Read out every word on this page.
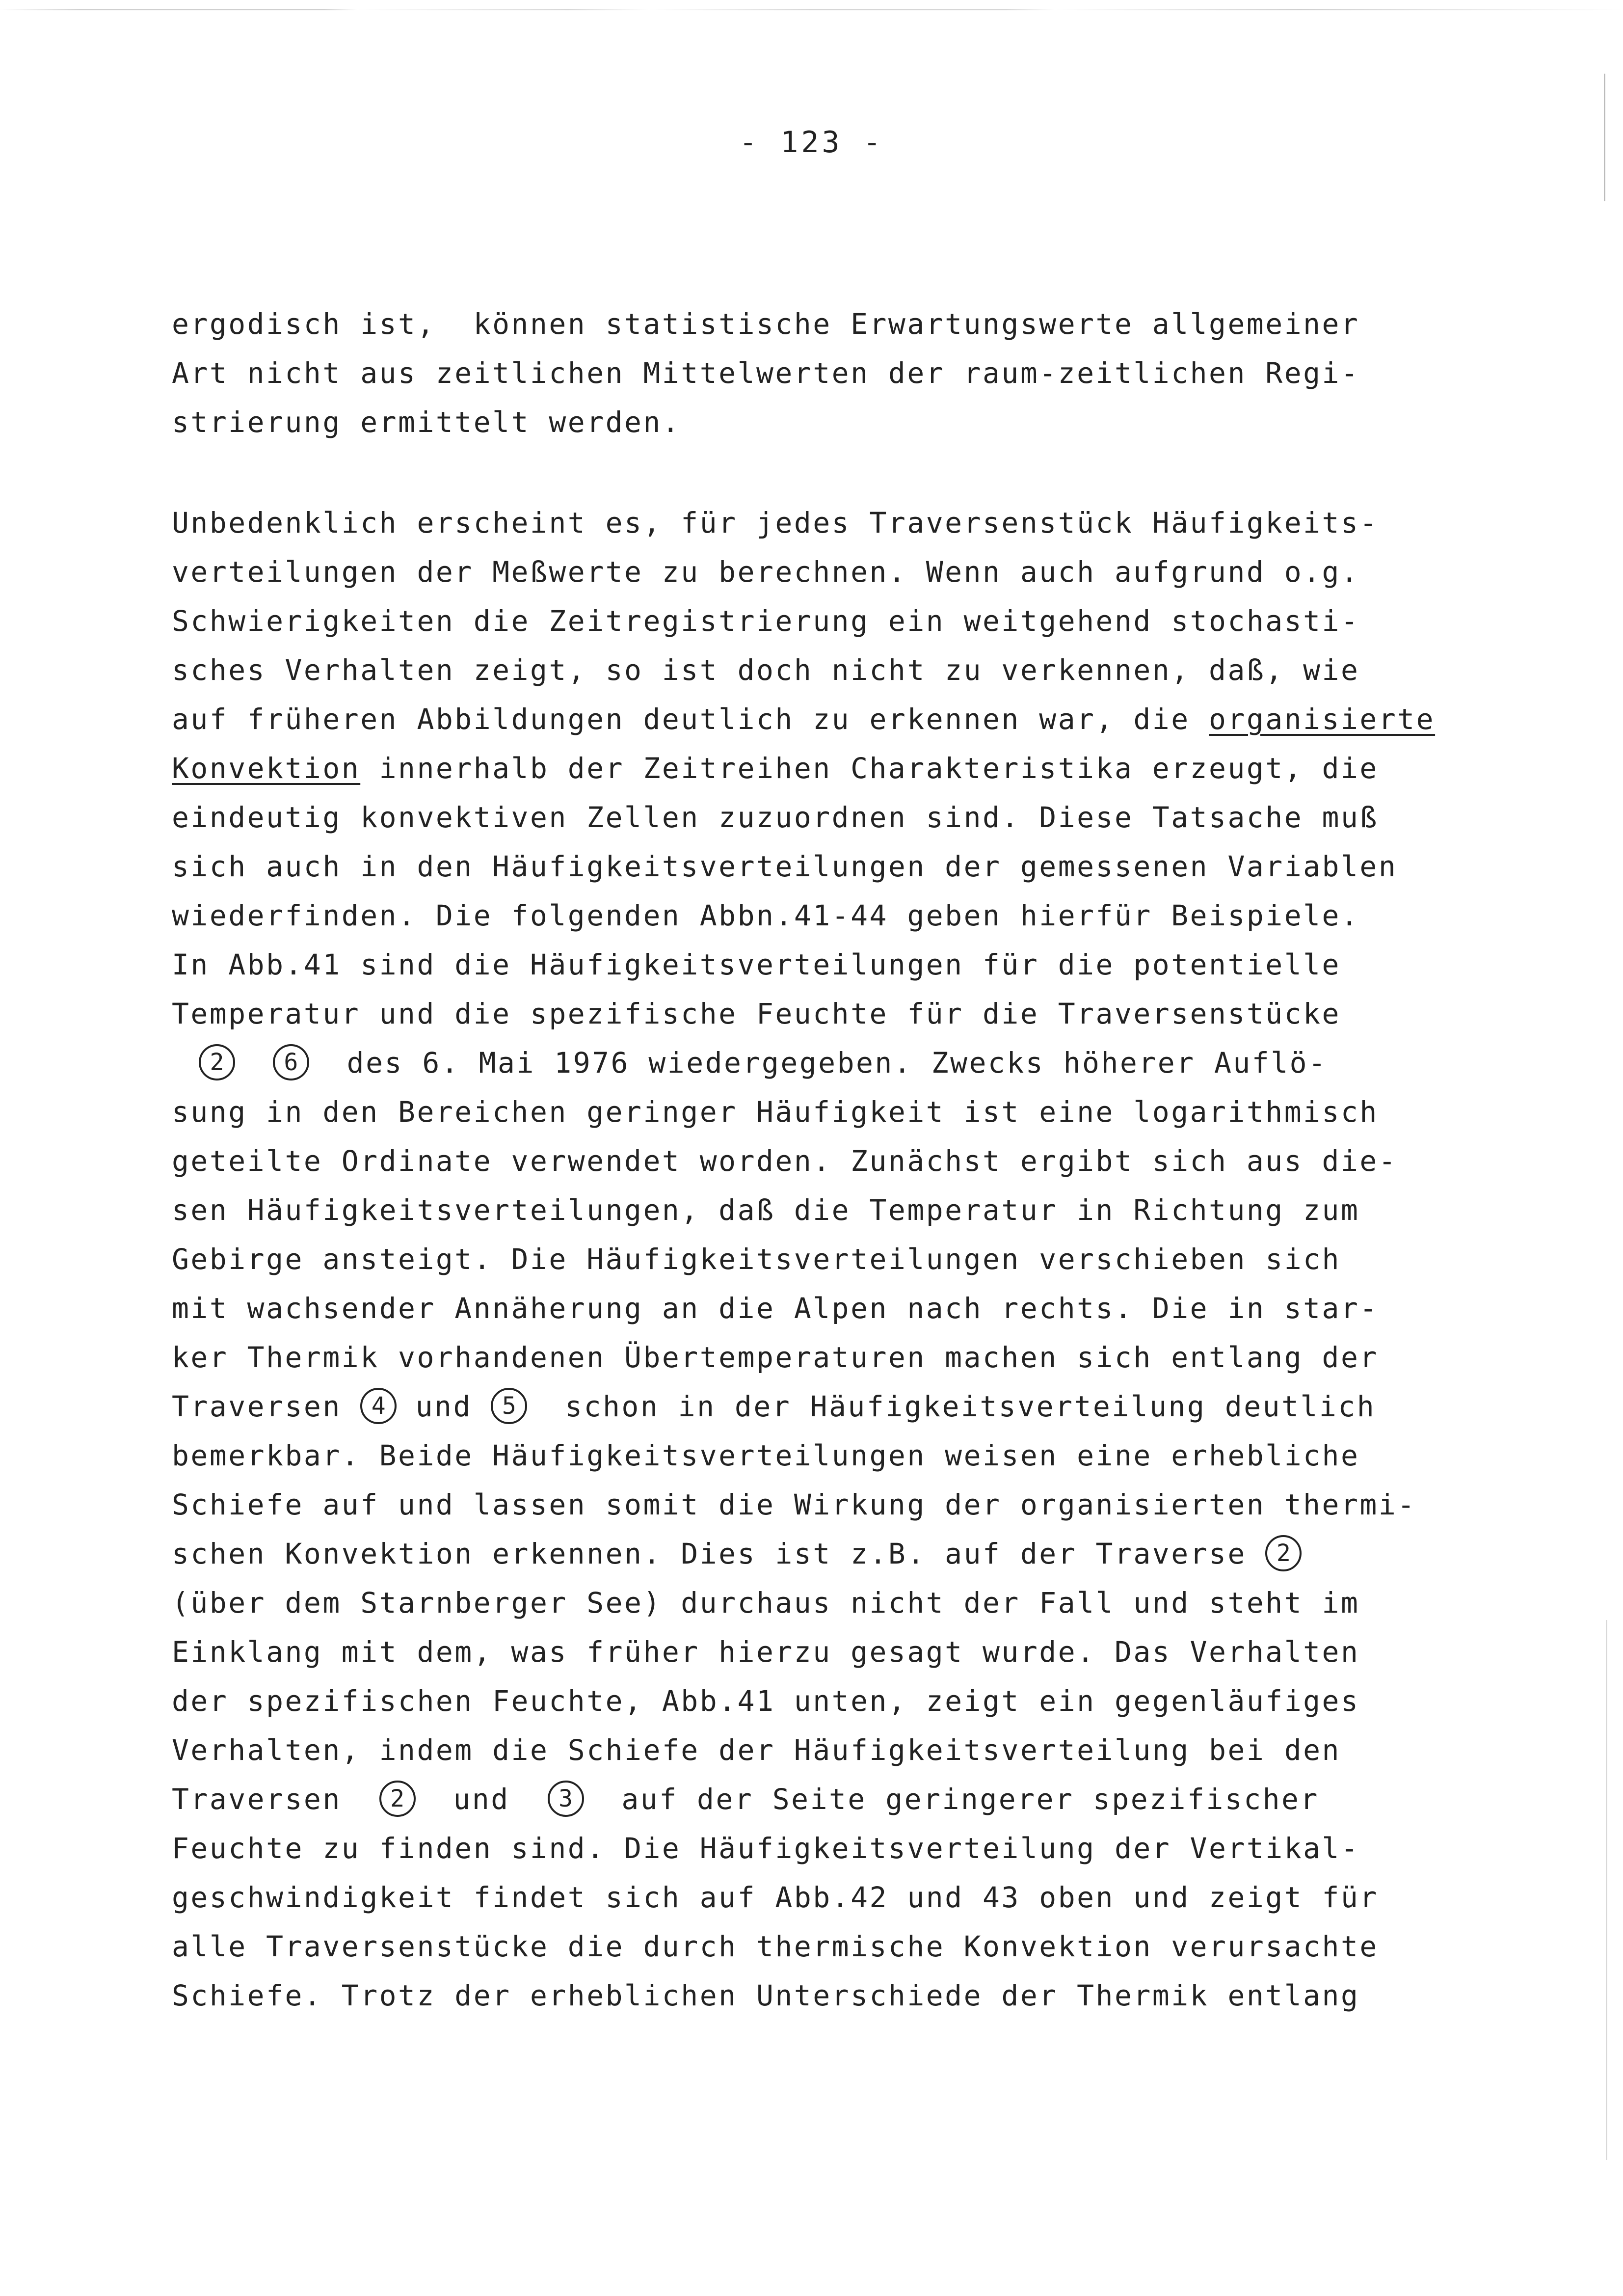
- 123 -
ergodisch ist,  können statistische Erwartungswerte allgemeiner
Art nicht aus zeitlichen Mittelwerten der raum-zeitlichen Regi-
strierung ermittelt werden.
Unbedenklich erscheint es, für jedes Traversenstück Häufigkeits-
verteilungen der Meßwerte zu berechnen. Wenn auch aufgrund o.g.
Schwierigkeiten die Zeitregistrierung ein weitgehend stochasti-
sches Verhalten zeigt, so ist doch nicht zu verkennen, daß, wie
auf früheren Abbildungen deutlich zu erkennen war, die organisierte
Konvektion innerhalb der Zeitreihen Charakteristika erzeugt, die
eindeutig konvektiven Zellen zuzuordnen sind. Diese Tatsache muß
sich auch in den Häufigkeitsverteilungen der gemessenen Variablen
wiederfinden. Die folgenden Abbn.41-44 geben hierfür Beispiele.
In Abb.41 sind die Häufigkeitsverteilungen für die potentielle
Temperatur und die spezifische Feuchte für die Traversenstücke
2	6  des 6. Mai 1976 wiedergegeben. Zwecks höherer Auflö-
sung in den Bereichen geringer Häufigkeit ist eine logarithmisch
geteilte Ordinate verwendet worden. Zunächst ergibt sich aus die-
sen Häufigkeitsverteilungen, daß die Temperatur in Richtung zum
Gebirge ansteigt. Die Häufigkeitsverteilungen verschieben sich
mit wachsender Annäherung an die Alpen nach rechts. Die in star-
ker Thermik vorhandenen Übertemperaturen machen sich entlang der
Traversen 4 und 5  schon in der Häufigkeitsverteilung deutlich
bemerkbar. Beide Häufigkeitsverteilungen weisen eine erhebliche
Schiefe auf und lassen somit die Wirkung der organisierten thermi-
schen Konvektion erkennen. Dies ist z.B. auf der Traverse 2
(über dem Starnberger See) durchaus nicht der Fall und steht im
Einklang mit dem, was früher hierzu gesagt wurde. Das Verhalten
der spezifischen Feuchte, Abb.41 unten, zeigt ein gegenläufiges
Verhalten, indem die Schiefe der Häufigkeitsverteilung bei den
Traversen  2  und  3  auf der Seite geringerer spezifischer
Feuchte zu finden sind. Die Häufigkeitsverteilung der Vertikal-
geschwindigkeit findet sich auf Abb.42 und 43 oben und zeigt für
alle Traversenstücke die durch thermische Konvektion verursachte
Schiefe. Trotz der erheblichen Unterschiede der Thermik entlang
